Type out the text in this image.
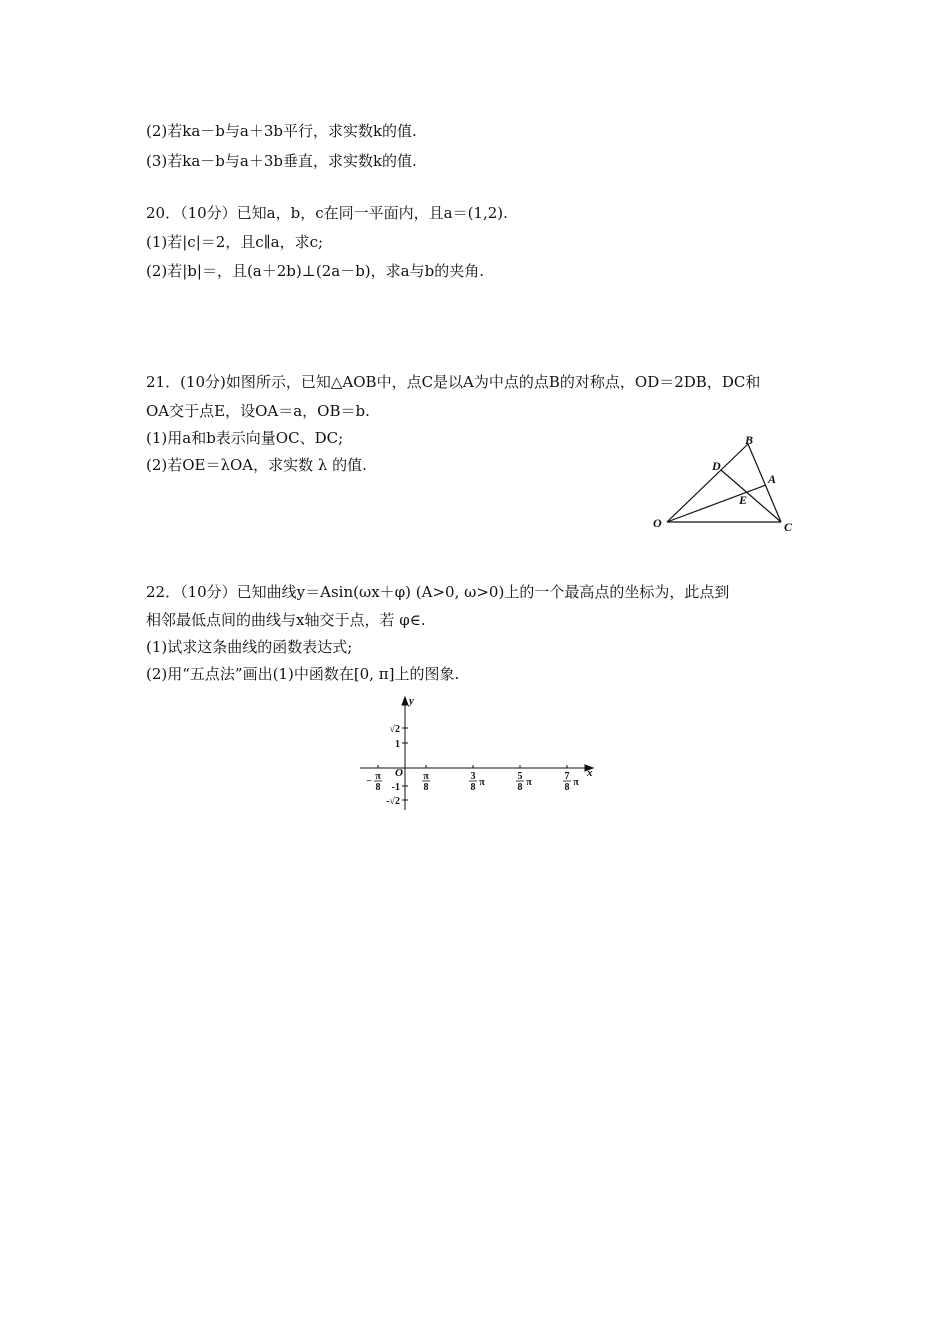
(2)若ka－b与a＋3b平行，求实数k的值.
(3)若ka－b与a＋3b垂直，求实数k的值.
20．（10分）已知a，b，c在同一平面内，且a＝(1,2).
(1)若|c|＝2，且c∥a，求c;
(2)若|b|＝，且(a＋2b)⊥(2a－b)，求a与b的夹角.
21．(10分)如图所示，已知△AOB中，点C是以A为中点的点B的对称点，OD＝2DB，DC和
OA交于点E，设OA＝a，OB＝b.
(1)用a和b表示向量OC、DC;
(2)若OE＝λOA，求实数 λ 的值.
B
D
A
E
O	C
22．（10分）已知曲线y＝Asin(ωx＋φ) (A>0, ω>0)上的一个最高点的坐标为，此点到
相邻最低点间的曲线与x轴交于点，若 φ∈.
(1)试求这条曲线的函数表达式;
(2)用“五点法”画出(1)中函数在[0, π]上的图象.
y
x
O
√2
1
-1
-√2
− π
8
π
8
3
8 π
5
8 π
7
8 π
